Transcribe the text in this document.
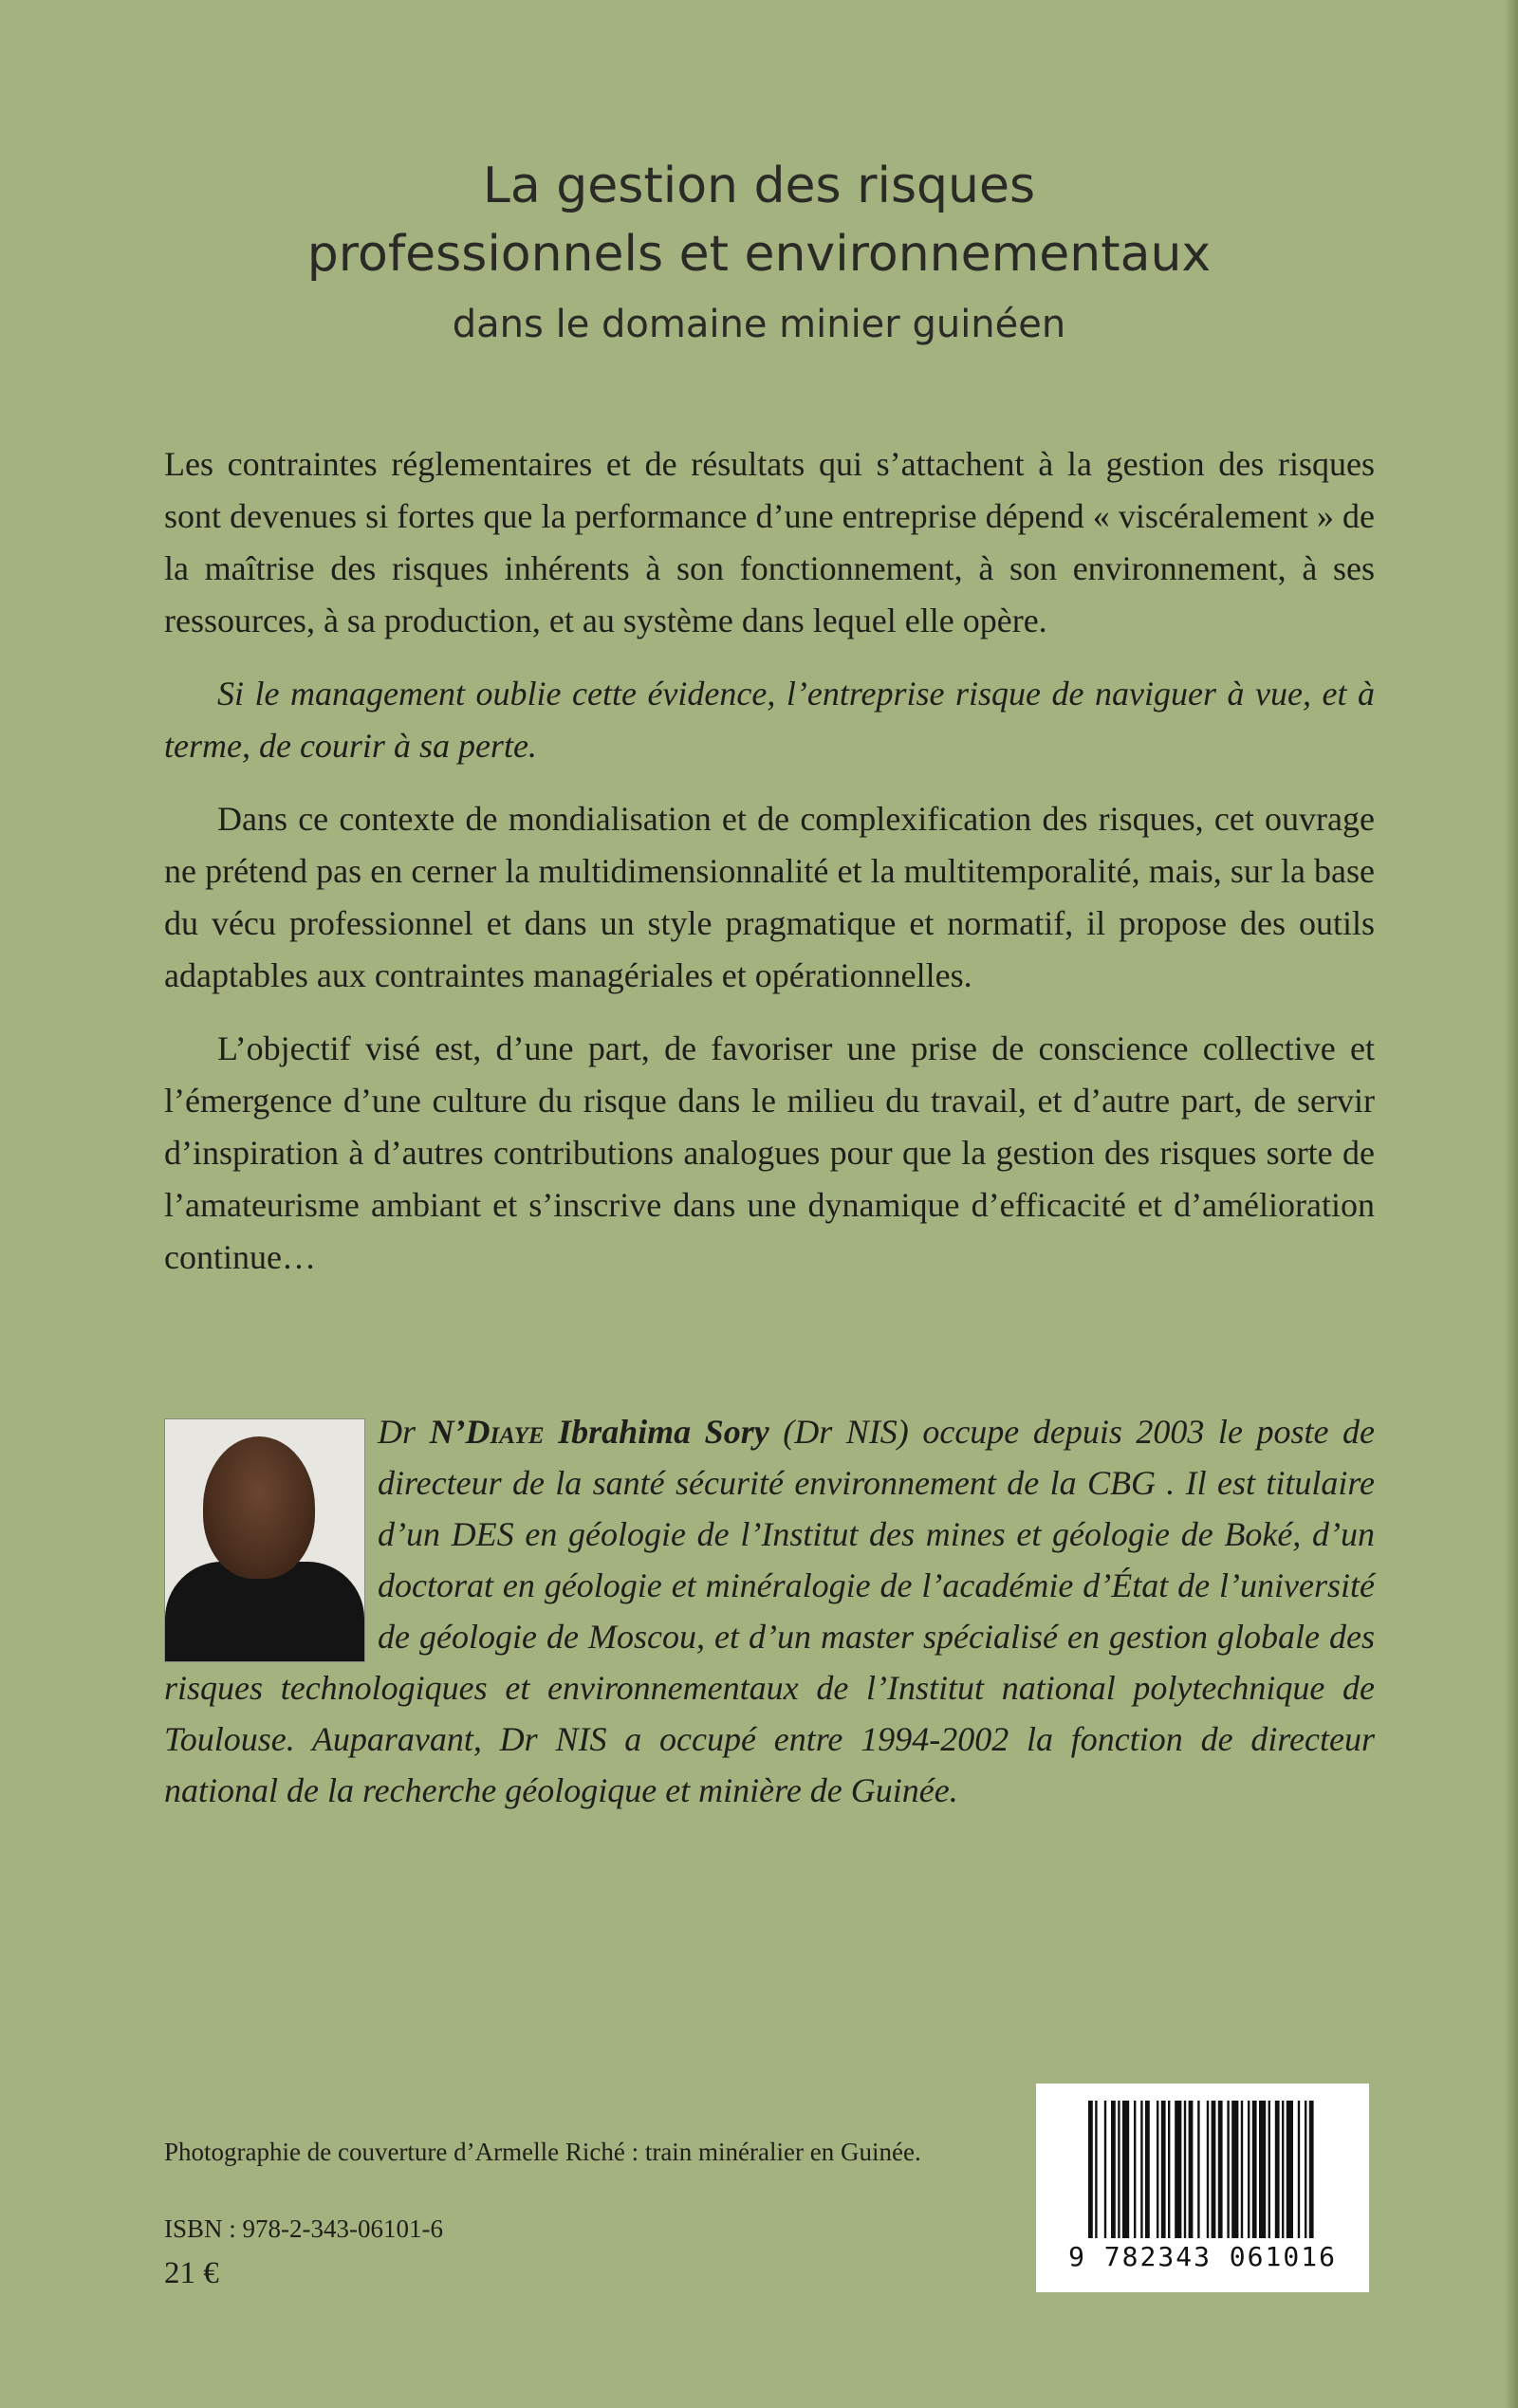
La gestion des risques
professionnels et environnementaux
dans le domaine minier guinéen

Les contraintes réglementaires et de résultats qui s’attachent à la gestion des risques sont devenues si fortes que la performance d’une entreprise dépend « viscéralement » de la maîtrise des risques inhérents à son fonctionnement, à son environnement, à ses ressources, à sa production, et au système dans lequel elle opère.

Si le management oublie cette évidence, l’entreprise risque de naviguer à vue, et à terme, de courir à sa perte.

Dans ce contexte de mondialisation et de complexification des risques, cet ouvrage ne prétend pas en cerner la multidimensionnalité et la multitemporalité, mais, sur la base du vécu professionnel et dans un style pragmatique et normatif, il propose des outils adaptables aux contraintes managériales et opérationnelles.

L’objectif visé est, d’une part, de favoriser une prise de conscience collective et l’émergence d’une culture du risque dans le milieu du travail, et d’autre part, de servir d’inspiration à d’autres contributions analogues pour que la gestion des risques sorte de l’amateurisme ambiant et s’inscrive dans une dynamique d’efficacité et d’amélioration continue…

Dr N’Diaye Ibrahima Sory (Dr NIS) occupe depuis 2003 le poste de directeur de la santé sécurité environnement de la CBG . Il est titulaire d’un DES en géologie de l’Institut des mines et géologie de Boké, d’un doctorat en géologie et minéralogie de l’académie d’État de l’université de géologie de Moscou, et d’un master spécialisé en gestion globale des risques technologiques et environnementaux de l’Institut national polytechnique de Toulouse. Auparavant, Dr NIS a occupé entre 1994-2002 la fonction de directeur national de la recherche géologique et minière de Guinée.
Photographie de couverture d’Armelle Riché : train minéralier en Guinée.
ISBN : 978-2-343-06101-6
21 €	9 782343 061016
